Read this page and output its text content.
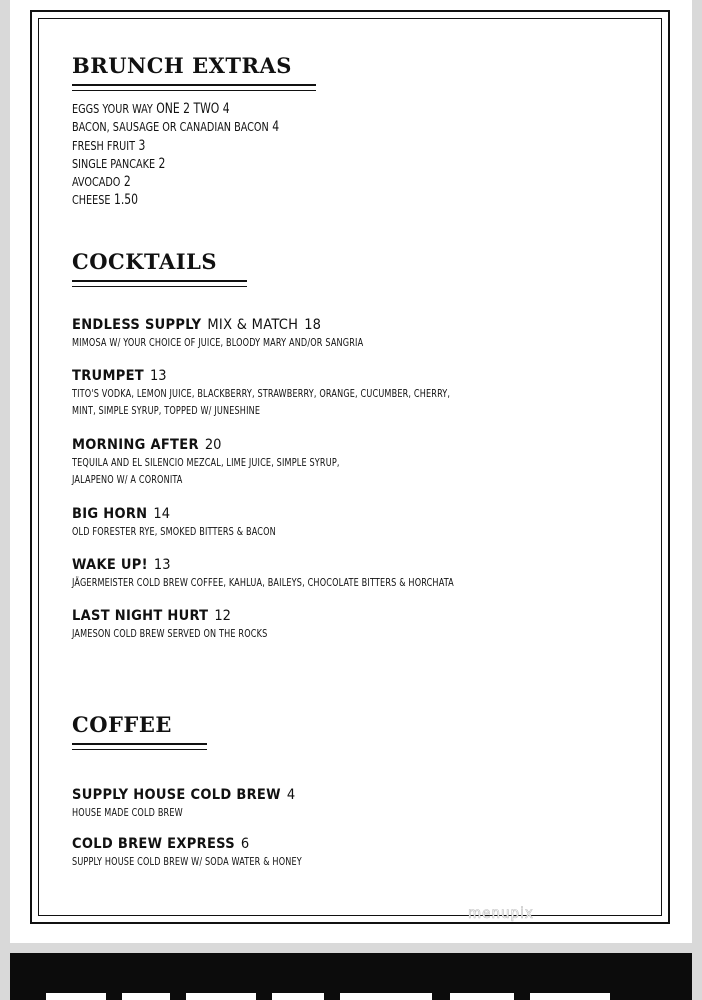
BRUNCH EXTRAS
EGGS YOUR WAY ONE 2 TWO 4
BACON, SAUSAGE OR CANADIAN BACON 4
FRESH FRUIT 3
SINGLE PANCAKE 2
AVOCADO 2
CHEESE 1.50
COCKTAILS
ENDLESS SUPPLY MIX & MATCH 18
MIMOSA W/ YOUR CHOICE OF JUICE, BLOODY MARY AND/OR SANGRIA
TRUMPET 13
TITO'S VODKA, LEMON JUICE, BLACKBERRY, STRAWBERRY, ORANGE, CUCUMBER, CHERRY,
MINT, SIMPLE SYRUP, TOPPED W/ JUNESHINE
MORNING AFTER 20
TEQUILA AND EL SILENCIO MEZCAL, LIME JUICE, SIMPLE SYRUP,
JALAPENO W/ A CORONITA
BIG HORN 14
OLD FORESTER RYE, SMOKED BITTERS & BACON
WAKE UP! 13
JÄGERMEISTER COLD BREW COFFEE, KAHLUA, BAILEYS, CHOCOLATE BITTERS & HORCHATA
LAST NIGHT HURT 12
JAMESON COLD BREW SERVED ON THE ROCKS
COFFEE
SUPPLY HOUSE COLD BREW 4
HOUSE MADE COLD BREW
COLD BREW EXPRESS 6
SUPPLY HOUSE COLD BREW W/ SODA WATER & HONEY
menupix
